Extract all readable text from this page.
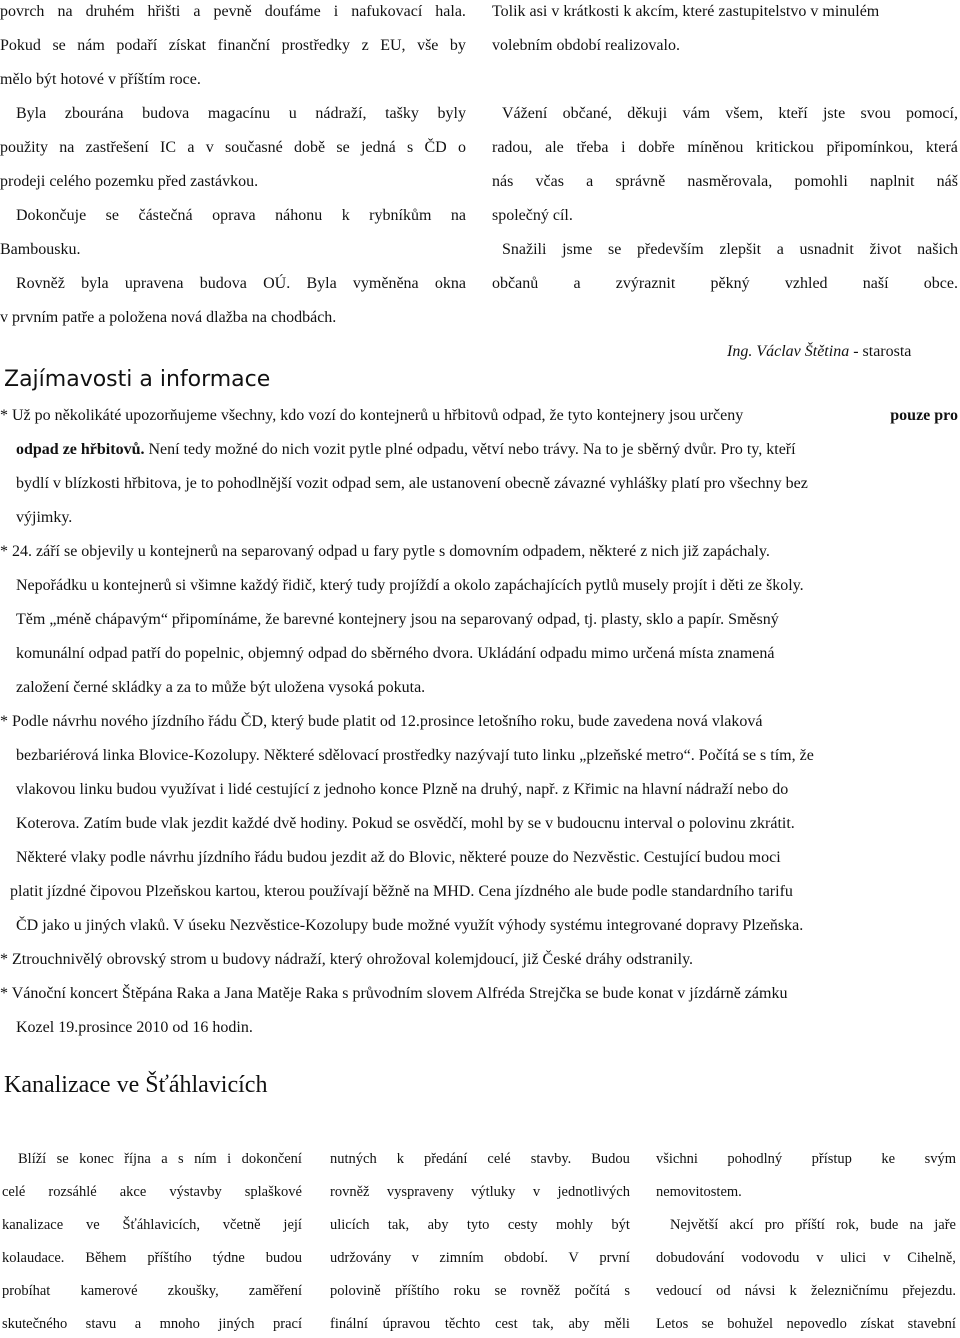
povrch na druhém hřišti a pevně doufáme i nafukovací hala.
Pokud se nám podaří získat finanční prostředky z EU, vše by
mělo být hotové v příštím roce.
Byla zbourána budova magacínu u nádraží, tašky byly
použity na zastřešení IC a v současné době se jedná s ČD o
prodeji celého pozemku před zastávkou.
Dokončuje se částečná oprava náhonu k rybníkům na
Bambousku.
Rovněž byla upravena budova OÚ. Byla vyměněna okna
v prvním patře a položena nová dlažba na chodbách.
Tolik asi v krátkosti k akcím, které zastupitelstvo v minulém
volebním období realizovalo.
Vážení občané, děkuji vám všem, kteří jste svou pomocí,
radou, ale třeba i dobře míněnou kritickou připomínkou, která
nás včas a správně nasměrovala, pomohli naplnit náš
společný cíl.
Snažili jsme se především zlepšit a usnadnit život našich
občanů a zvýraznit pěkný vzhled naší obce.
Ing. Václav Štětina - starosta
Zajímavosti a informace
* Už po několikáté upozorňujeme všechny, kdo vozí do kontejnerů u hřbitovů odpad, že tyto kontejnery jsou určeny	pouze pro
odpad ze hřbitovů. Není tedy možné do nich vozit pytle plné odpadu, větví nebo trávy. Na to je sběrný dvůr. Pro ty, kteří
bydlí v blízkosti hřbitova, je to pohodlnější vozit odpad sem, ale ustanovení obecně závazné vyhlášky platí pro všechny bez
výjimky.
* 24. září se objevily u kontejnerů na separovaný odpad u fary pytle s domovním odpadem, některé z nich již zapáchaly.
Nepořádku u kontejnerů si všimne každý řidič, který tudy projíždí a okolo zapáchajících pytlů musely projít i děti ze školy.
Těm „méně chápavým“ připomínáme, že barevné kontejnery jsou na separovaný odpad, tj. plasty, sklo a papír. Směsný
komunální odpad patří do popelnic, objemný odpad do sběrného dvora. Ukládání odpadu mimo určená místa znamená
založení černé skládky a za to může být uložena vysoká pokuta.
* Podle návrhu nového jízdního řádu ČD, který bude platit od 12.prosince letošního roku, bude zavedena nová vlaková
bezbariérová linka Blovice-Kozolupy. Některé sdělovací prostředky nazývají tuto linku „plzeňské metro“. Počítá se s tím, že
vlakovou linku budou využívat i lidé cestující z jednoho konce Plzně na druhý, např. z Křimic na hlavní nádraží nebo do
Koterova. Zatím bude vlak jezdit každé dvě hodiny. Pokud se osvědčí, mohl by se v budoucnu interval o polovinu zkrátit.
Některé vlaky podle návrhu jízdního řádu budou jezdit až do Blovic, některé pouze do Nezvěstic. Cestující budou moci
platit jízdné čipovou Plzeňskou kartou, kterou používají běžně na MHD. Cena jízdného ale bude podle standardního tarifu
ČD jako u jiných vlaků. V úseku Nezvěstice-Kozolupy bude možné využít výhody systému integrované dopravy Plzeňska.
* Ztrouchnivělý obrovský strom u budovy nádraží, který ohrožoval kolemjdoucí, již České dráhy odstranily.
* Vánoční koncert Štěpána Raka a Jana Matěje Raka s průvodním slovem Alfréda Strejčka se bude konat v jízdárně zámku
Kozel 19.prosince 2010 od 16 hodin.
Kanalizace ve Šťáhlavicích
Blíží se konec října a s ním i dokončení
celé rozsáhlé akce výstavby splaškové
kanalizace ve Šťáhlavicích, včetně její
kolaudace. Během příštího týdne budou
probíhat kamerové zkoušky, zaměření
skutečného stavu a mnoho jiných prací
nutných k předání celé stavby. Budou
rovněž vyspraveny výtluky v jednotlivých
ulicích tak, aby tyto cesty mohly být
udržovány v zimním období. V první
polovině příštího roku se rovněž počítá s
finální úpravou těchto cest tak, aby měli
všichni pohodlný přístup ke svým
nemovitostem.
Největší akcí pro příští rok, bude na jaře
dobudování vodovodu v ulici v Cihelně,
vedoucí od návsi k železničnímu přejezdu.
Letos se bohužel nepovedlo získat stavební
